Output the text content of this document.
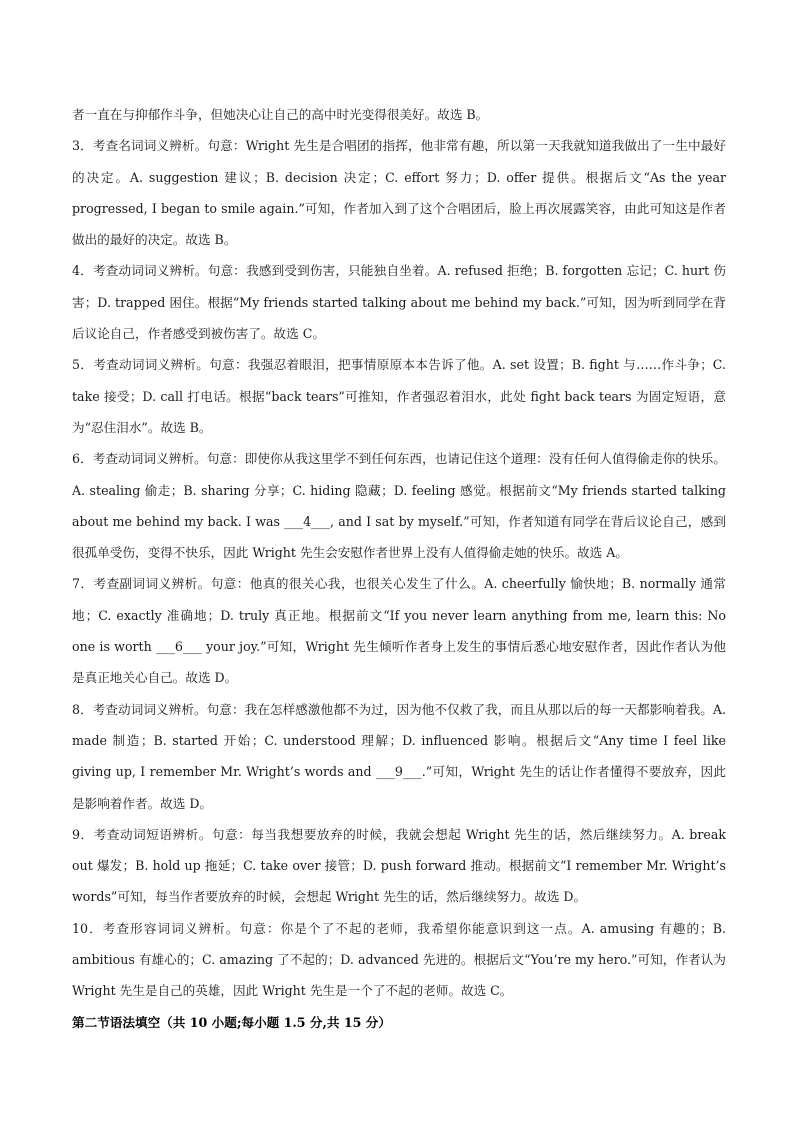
者一直在与抑郁作斗争，但她决心让自己的高中时光变得很美好。故选 B。

3．考查名词词义辨析。句意：Wright 先生是合唱团的指挥，他非常有趣，所以第一天我就知道我做出了一生中最好的决定。A. suggestion 建议；B. decision 决定；C. effort 努力；D. offer 提供。根据后文“As the year progressed, I began to smile again.”可知，作者加入到了这个合唱团后，脸上再次展露笑容，由此可知这是作者做出的最好的决定。故选 B。

4．考查动词词义辨析。句意：我感到受到伤害，只能独自坐着。A. refused 拒绝；B. forgotten 忘记；C. hurt 伤害；D. trapped 困住。根据“My friends started talking about me behind my back.”可知，因为听到同学在背后议论自己，作者感受到被伤害了。故选 C。

5．考查动词词义辨析。句意：我强忍着眼泪，把事情原原本本告诉了他。A. set 设置；B. fight 与……作斗争；C. take 接受；D. call 打电话。根据“back tears”可推知，作者强忍着泪水，此处 fight back tears 为固定短语，意为“忍住泪水”。故选 B。

6．考查动词词义辨析。句意：即使你从我这里学不到任何东西，也请记住这个道理：没有任何人值得偷走你的快乐。A. stealing 偷走；B. sharing 分享；C. hiding 隐藏；D. feeling 感觉。根据前文“My friends started talking about me behind my back. I was ___4___, and I sat by myself.”可知，作者知道有同学在背后议论自己，感到很孤单受伤，变得不快乐，因此 Wright 先生会安慰作者世界上没有人值得偷走她的快乐。故选 A。

7．考查副词词义辨析。句意：他真的很关心我，也很关心发生了什么。A. cheerfully 愉快地；B. normally 通常地；C. exactly 准确地；D. truly 真正地。根据前文“If you never learn anything from me, learn this: No one is worth ___6___ your joy.”可知，Wright 先生倾听作者身上发生的事情后悉心地安慰作者，因此作者认为他是真正地关心自己。故选 D。

8．考查动词词义辨析。句意：我在怎样感激他都不为过，因为他不仅救了我，而且从那以后的每一天都影响着我。A. made 制造；B. started 开始；C. understood 理解；D. influenced 影响。根据后文“Any time I feel like giving up, I remember Mr. Wright’s words and ___9___.”可知，Wright 先生的话让作者懂得不要放弃，因此是影响着作者。故选 D。

9．考查动词短语辨析。句意：每当我想要放弃的时候，我就会想起 Wright 先生的话，然后继续努力。A. break out 爆发；B. hold up 拖延；C. take over 接管；D. push forward 推动。根据前文“I remember Mr. Wright’s words”可知，每当作者要放弃的时候，会想起 Wright 先生的话，然后继续努力。故选 D。

10．考查形容词词义辨析。句意：你是个了不起的老师，我希望你能意识到这一点。A. amusing 有趣的；B. ambitious 有雄心的；C. amazing 了不起的；D. advanced 先进的。根据后文“You’re my hero.”可知，作者认为 Wright 先生是自己的英雄，因此 Wright 先生是一个了不起的老师。故选 C。

第二节语法填空（共 10 小题;每小题 1.5 分,共 15 分）
